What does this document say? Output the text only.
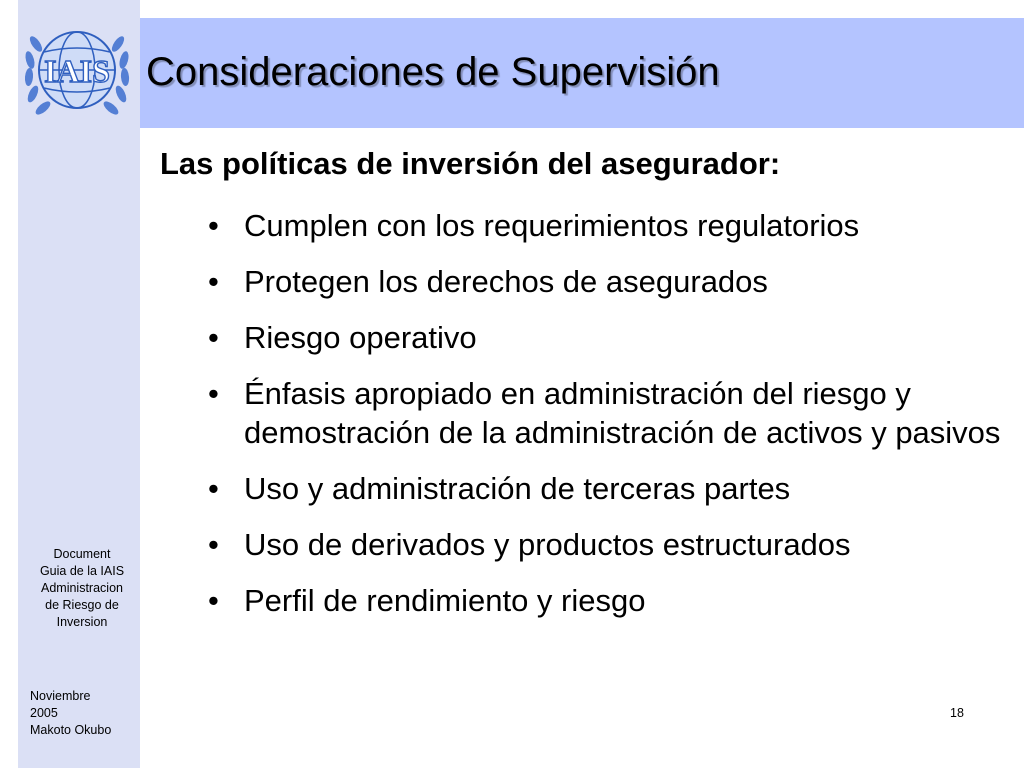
IAIS Consideraciones de Supervisión
Las políticas de inversión del asegurador:
• Cumplen con los requerimientos regulatorios
• Protegen los derechos de asegurados
• Riesgo operativo
• Énfasis apropiado en administración del riesgo y demostración de la administración de activos y pasivos
• Uso y administración de terceras partes
• Uso de derivados y productos estructurados
• Perfil de rendimiento y riesgo
Document
Guia de la IAIS
Administracion
de Riesgo de
Inversion
Noviembre
2005
Makoto Okubo
18
